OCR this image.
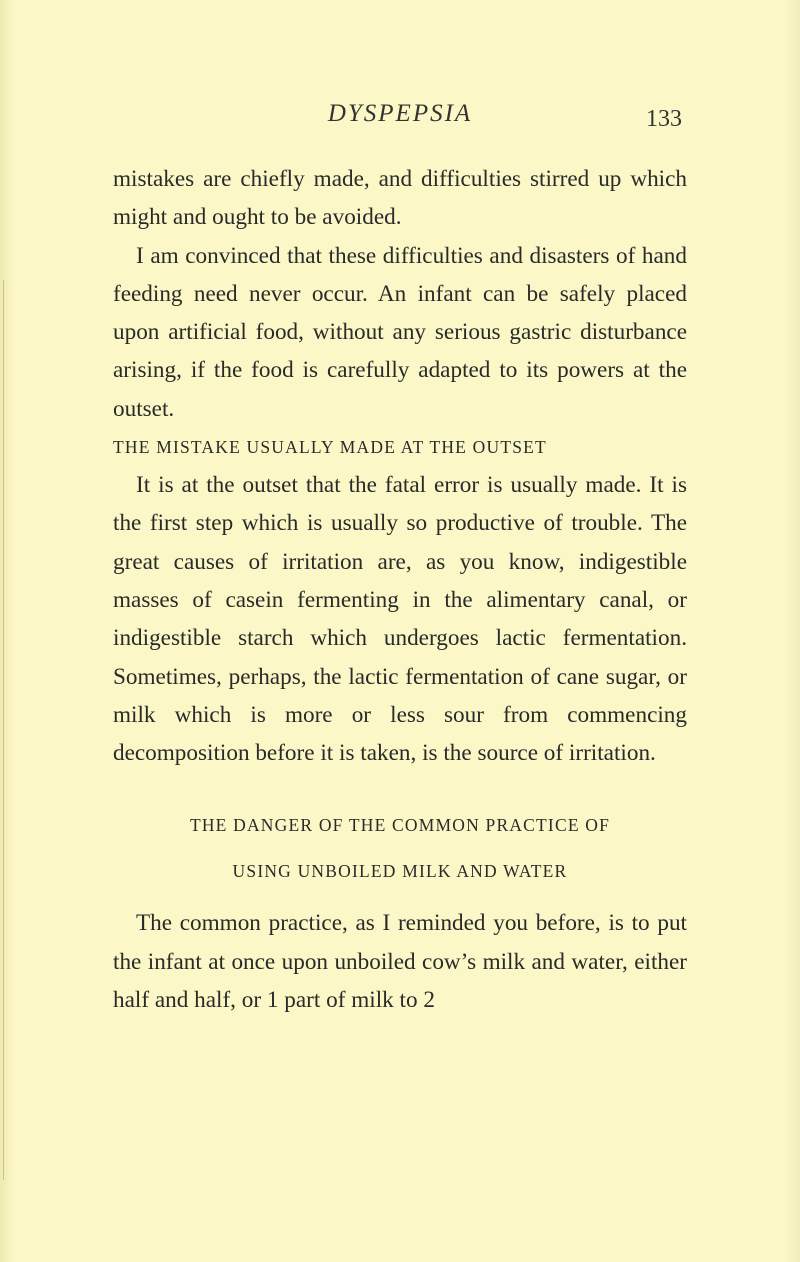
DYSPEPSIA	133

mistakes are chiefly made, and difficulties stirred up which might and ought to be avoided.

I am convinced that these difficulties and disasters of hand feeding need never occur. An infant can be safely placed upon artificial food, without any serious gastric disturbance arising, if the food is carefully adapted to its powers at the outset.

THE MISTAKE USUALLY MADE AT THE OUTSET

It is at the outset that the fatal error is usually made. It is the first step which is usually so productive of trouble. The great causes of irritation are, as you know, indigestible masses of casein fermenting in the alimentary canal, or indigestible starch which undergoes lactic fermentation. Sometimes, perhaps, the lactic fermentation of cane sugar, or milk which is more or less sour from commencing decomposition before it is taken, is the source of irritation.

THE DANGER OF THE COMMON PRACTICE OF
USING UNBOILED MILK AND WATER

The common practice, as I reminded you before, is to put the infant at once upon unboiled cow’s milk and water, either half and half, or 1 part of milk to 2
